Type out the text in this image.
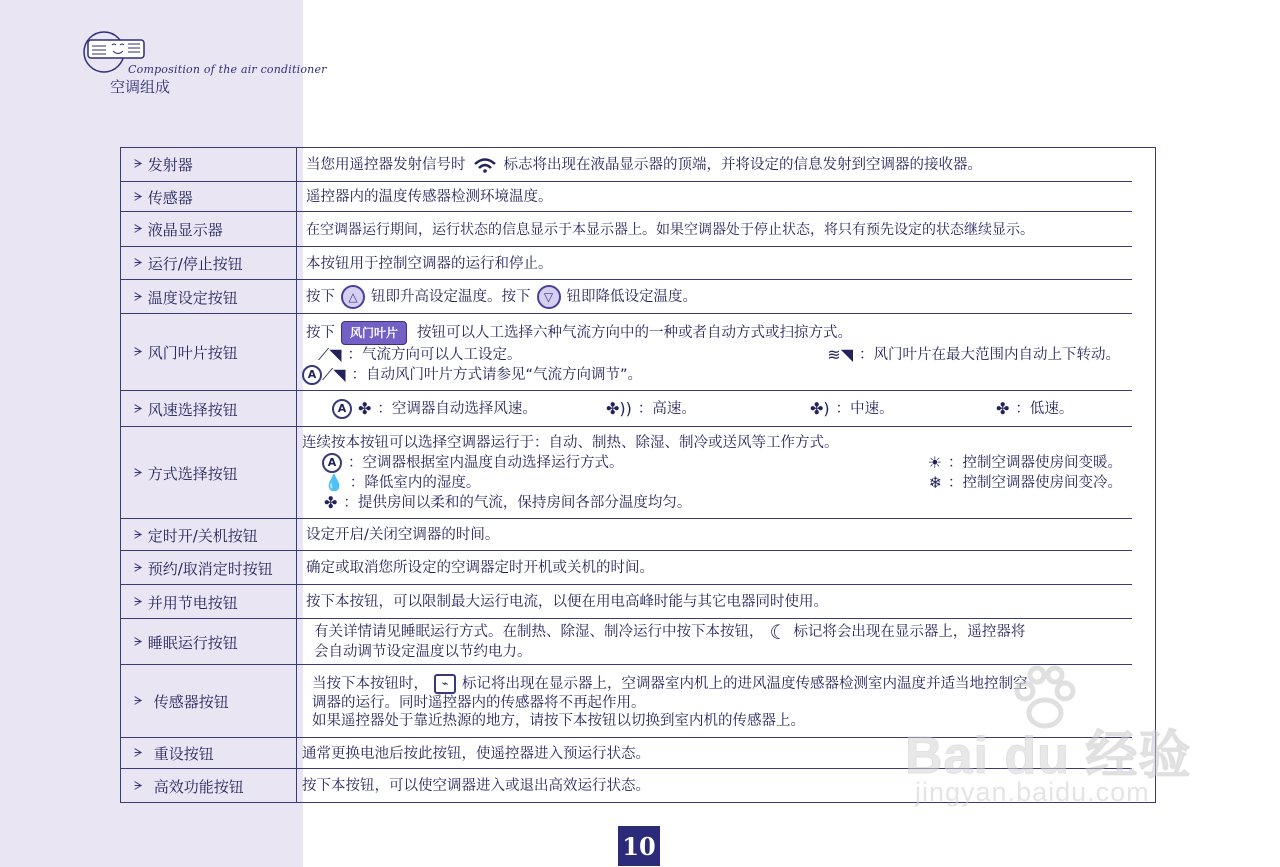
Composition of the air conditioner
空调组成
ᗒ 发射器	当您用遥控器发射信号时	标志将出现在液晶显示器的顶端，并将设定的信息发射到空调器的接收器。
ᗒ 传感器	遥控器内的温度传感器检测环境温度。
ᗒ 液晶显示器	在空调器运行期间，运行状态的信息显示于本显示器上。如果空调器处于停止状态，将只有预先设定的状态继续显示。
ᗒ 运行/停止按钮	本按钮用于控制空调器的运行和停止。
ᗒ 温度设定按钮	按下	△ 钮即升高设定温度。按下	▽ 钮即降低设定温度。
ᗒ 风门叶片按钮
按下	风门叶片	按钮可以人工选择六种气流方向中的一种或者自动方式或扫掠方式。
⟋◥ ：气流方向可以人工设定。	≋◥ ：风门叶片在最大范围内自动上下转动。
A ⟋◥ ：自动风门叶片方式请参见“气流方向调节”。
ᗒ 风速选择按钮	A ✤ ：空调器自动选择风速。	✤)) ：高速。	✤) ：中速。	✤ ：低速。
ᗒ 方式选择按钮
连续按本按钮可以选择空调器运行于：自动、制热、除湿、制冷或送风等工作方式。
A ：空调器根据室内温度自动选择运行方式。	☀ ：控制空调器使房间变暖。
💧 ：降低室内的湿度。	❄ ：控制空调器使房间变冷。
✤ ：提供房间以柔和的气流，保持房间各部分温度均匀。
ᗒ 定时开/关机按钮	设定开启/关闭空调器的时间。
ᗒ 预约/取消定时按钮 确定或取消您所设定的空调器定时开机或关机的时间。
ᗒ 并用节电按钮	按下本按钮，可以限制最大运行电流，以便在用电高峰时能与其它电器同时使用。
ᗒ 睡眠运行按钮
有关详情请见睡眠运行方式。在制热、除湿、制冷运行中按下本按钮， ☾ 标记将会出现在显示器上，遥控器将
会自动调节设定温度以节约电力。
ᗒ 传感器按钮
当按下本按钮时，	⌁ 标记将出现在显示器上，空调器室内机上的进风温度传感器检测室内温度并适当地控制空
调器的运行。同时遥控器内的传感器将不再起作用。
如果遥控器处于靠近热源的地方，请按下本按钮以切换到室内机的传感器上。
ᗒ 重设按钮	通常更换电池后按此按钮，使遥控器进入预运行状态。
ᗒ 高效功能按钮	按下本按钮，可以使空调器进入或退出高效运行状态。
10
Bai du 经验
jingyan.baidu.com
